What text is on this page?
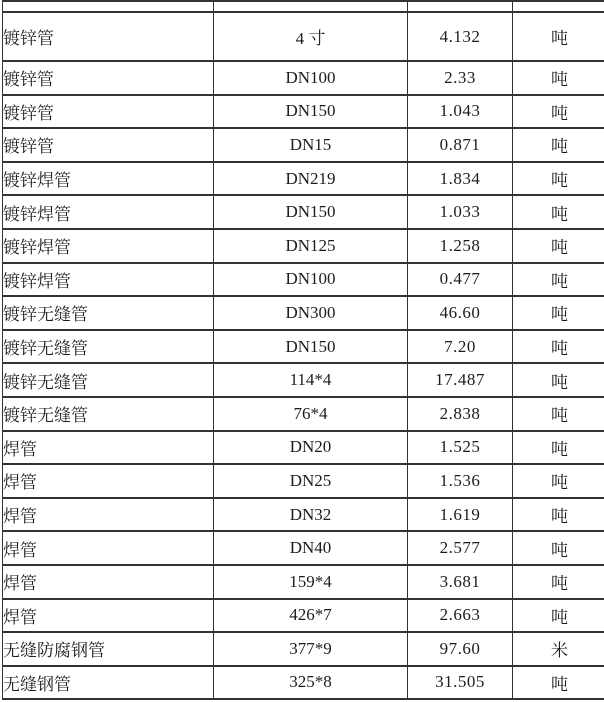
镀锌管	4 寸	4.132	吨
镀锌管	DN100	2.33	吨
镀锌管	DN150	1.043	吨
镀锌管	DN15	0.871	吨
镀锌焊管	DN219	1.834	吨
镀锌焊管	DN150	1.033	吨
镀锌焊管	DN125	1.258	吨
镀锌焊管	DN100	0.477	吨
镀锌无缝管	DN300	46.60	吨
镀锌无缝管	DN150	7.20	吨
镀锌无缝管	114*4	17.487	吨
镀锌无缝管	76*4	2.838	吨
焊管	DN20	1.525	吨
焊管	DN25	1.536	吨
焊管	DN32	1.619	吨
焊管	DN40	2.577	吨
焊管	159*4	3.681	吨
焊管	426*7	2.663	吨
无缝防腐钢管	377*9	97.60	米
无缝钢管	325*8	31.505	吨
